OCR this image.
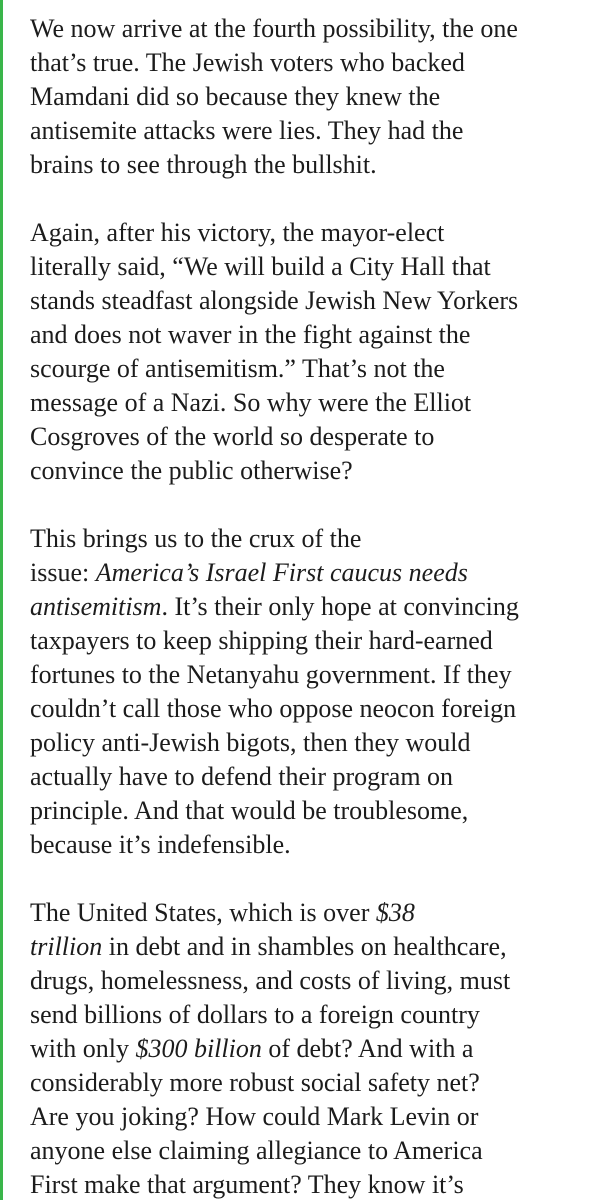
We now arrive at the fourth possibility, the one
that’s true. The Jewish voters who backed
Mamdani did so because they knew the
antisemite attacks were lies. They had the
brains to see through the bullshit.

Again, after his victory, the mayor-elect
literally said, “We will build a City Hall that
stands steadfast alongside Jewish New Yorkers
and does not waver in the fight against the
scourge of antisemitism.” That’s not the
message of a Nazi. So why were the Elliot
Cosgroves of the world so desperate to
convince the public otherwise?

This brings us to the crux of the
issue: America’s Israel First caucus needs
antisemitism. It’s their only hope at convincing
taxpayers to keep shipping their hard-earned
fortunes to the Netanyahu government. If they
couldn’t call those who oppose neocon foreign
policy anti-Jewish bigots, then they would
actually have to defend their program on
principle. And that would be troublesome,
because it’s indefensible.

The United States, which is over $38
trillion in debt and in shambles on healthcare,
drugs, homelessness, and costs of living, must
send billions of dollars to a foreign country
with only $300 billion of debt? And with a
considerably more robust social safety net?
Are you joking? How could Mark Levin or
anyone else claiming allegiance to America
First make that argument? They know it’s
